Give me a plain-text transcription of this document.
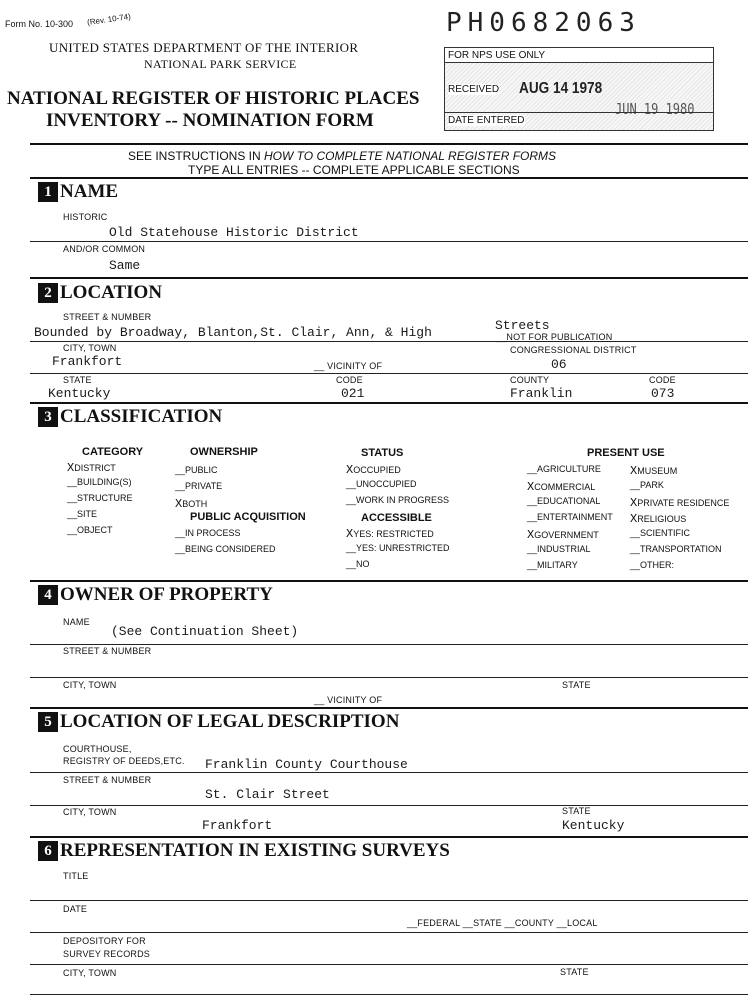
Form No. 10-300 (Rev. 10-74)
UNITED STATES DEPARTMENT OF THE INTERIOR
NATIONAL PARK SERVICE
NATIONAL REGISTER OF HISTORIC PLACES
INVENTORY -- NOMINATION FORM
PH0682063
FOR NPS USE ONLY
RECEIVED AUG 14 1978
JUN 19 1980
DATE ENTERED
SEE INSTRUCTIONS IN HOW TO COMPLETE NATIONAL REGISTER FORMS
TYPE ALL ENTRIES -- COMPLETE APPLICABLE SECTIONS
1 NAME
HISTORIC
Old Statehouse Historic District
AND/OR COMMON
Same
2 LOCATION
STREET & NUMBER
Bounded by Broadway, Blanton,St. Clair, Ann, & High	Streets
__NOT FOR PUBLICATION
CITY, TOWN
Frankfort	__ VICINITY OF
CONGRESSIONAL DISTRICT
06
STATE
Kentucky
CODE
021
COUNTY
Franklin
CODE
073
3 CLASSIFICATION
CATEGORY
XDISTRICT
__BUILDING(S)
__STRUCTURE
__SITE
__OBJECT
OWNERSHIP
__PUBLIC
__PRIVATE
XBOTH
PUBLIC ACQUISITION
__IN PROCESS
__BEING CONSIDERED
STATUS
XOCCUPIED
__UNOCCUPIED
__WORK IN PROGRESS
ACCESSIBLE
XYES: RESTRICTED
__YES: UNRESTRICTED
__NO
PRESENT USE
__AGRICULTURE
XCOMMERCIAL
__EDUCATIONAL
__ENTERTAINMENT
XGOVERNMENT
__INDUSTRIAL
__MILITARY
XMUSEUM
__PARK
XPRIVATE RESIDENCE
XRELIGIOUS
__SCIENTIFIC
__TRANSPORTATION
__OTHER:
4 OWNER OF PROPERTY
NAME
(See Continuation Sheet)
STREET & NUMBER
CITY, TOWN	STATE
__ VICINITY OF
5 LOCATION OF LEGAL DESCRIPTION
COURTHOUSE,
REGISTRY OF DEEDS,ETC. Franklin County Courthouse
STREET & NUMBER
St. Clair Street
CITY, TOWN
Frankfort
STATE
Kentucky
6 REPRESENTATION IN EXISTING SURVEYS
TITLE
DATE
__FEDERAL __STATE __COUNTY __LOCAL
DEPOSITORY FOR
SURVEY RECORDS
CITY, TOWN	STATE
